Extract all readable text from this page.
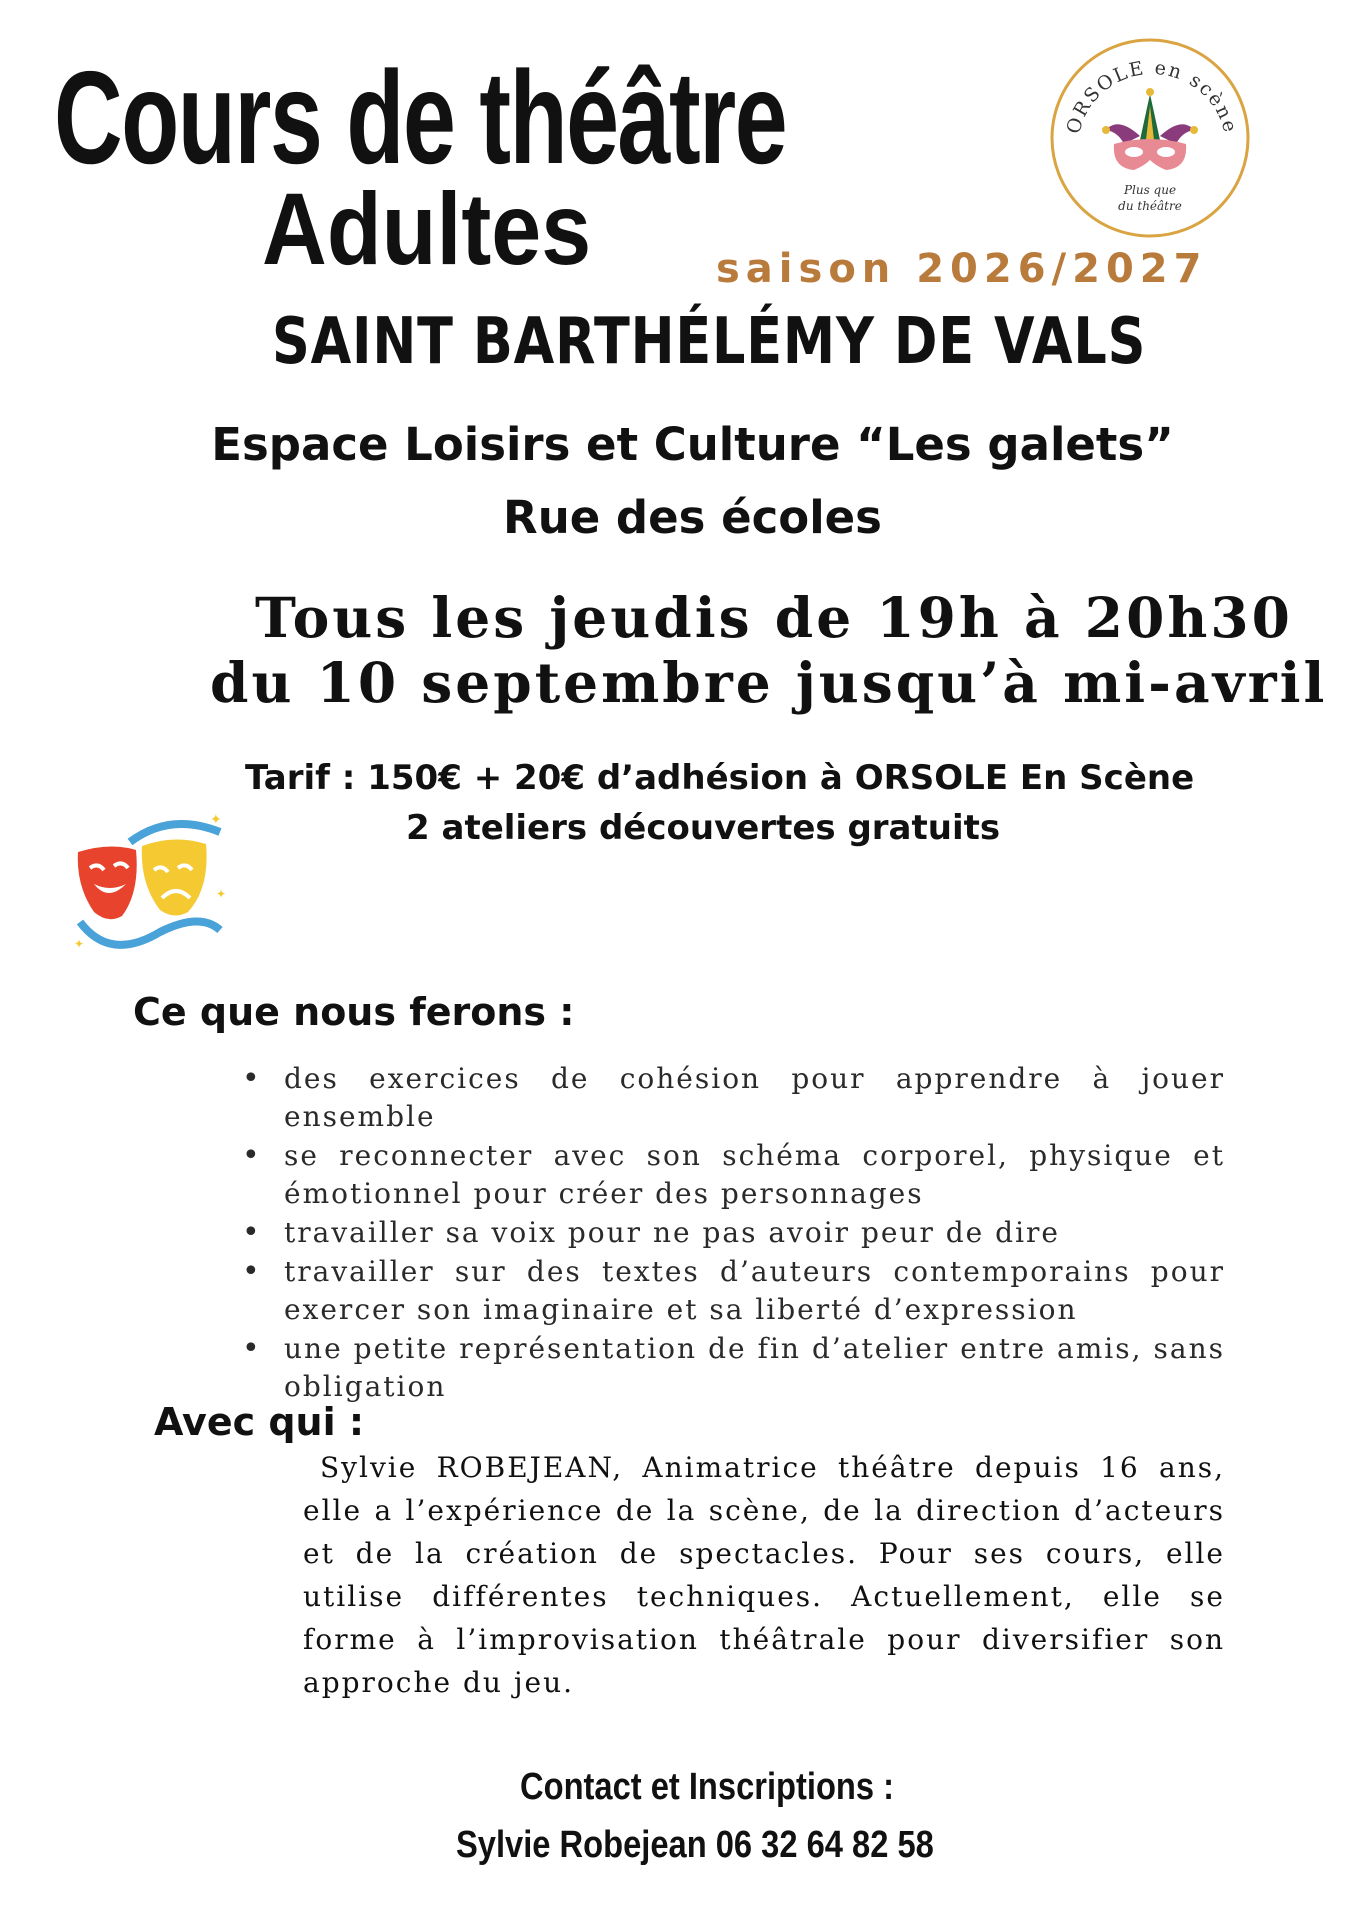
Cours de théâtre
Adultes	saison 2026/2027
SAINT BARTHÉLÉMY DE VALS
ORSOLE en scène
Plus que
du théâtre
Espace Loisirs et Culture “Les galets”
Rue des écoles
Tous les jeudis de 19h à 20h30
du 10 septembre jusqu’à mi-avril
Tarif : 150€ + 20€ d’adhésion à ORSOLE En Scène
2 ateliers découvertes gratuits
✦
✦
✦
Ce que nous ferons :
• des exercices de cohésion pour apprendre à jouer ensemble
• se reconnecter avec son schéma corporel, physique et émotionnel pour créer des personnages
• travailler sa voix pour ne pas avoir peur de dire
• travailler sur des textes d’auteurs contemporains pour exercer son imaginaire et sa liberté d’expression
• une petite représentation de fin d’atelier entre amis, sans obligation
Avec qui :
Sylvie ROBEJEAN, Animatrice théâtre depuis 16 ans, elle a l’expérience de la scène, de la direction d’acteurs et de la création de spectacles. Pour ses cours, elle utilise différentes techniques. Actuellement, elle se forme à l’improvisation théâtrale pour diversifier son approche du jeu.
Contact et Inscriptions :
Sylvie Robejean 06 32 64 82 58
